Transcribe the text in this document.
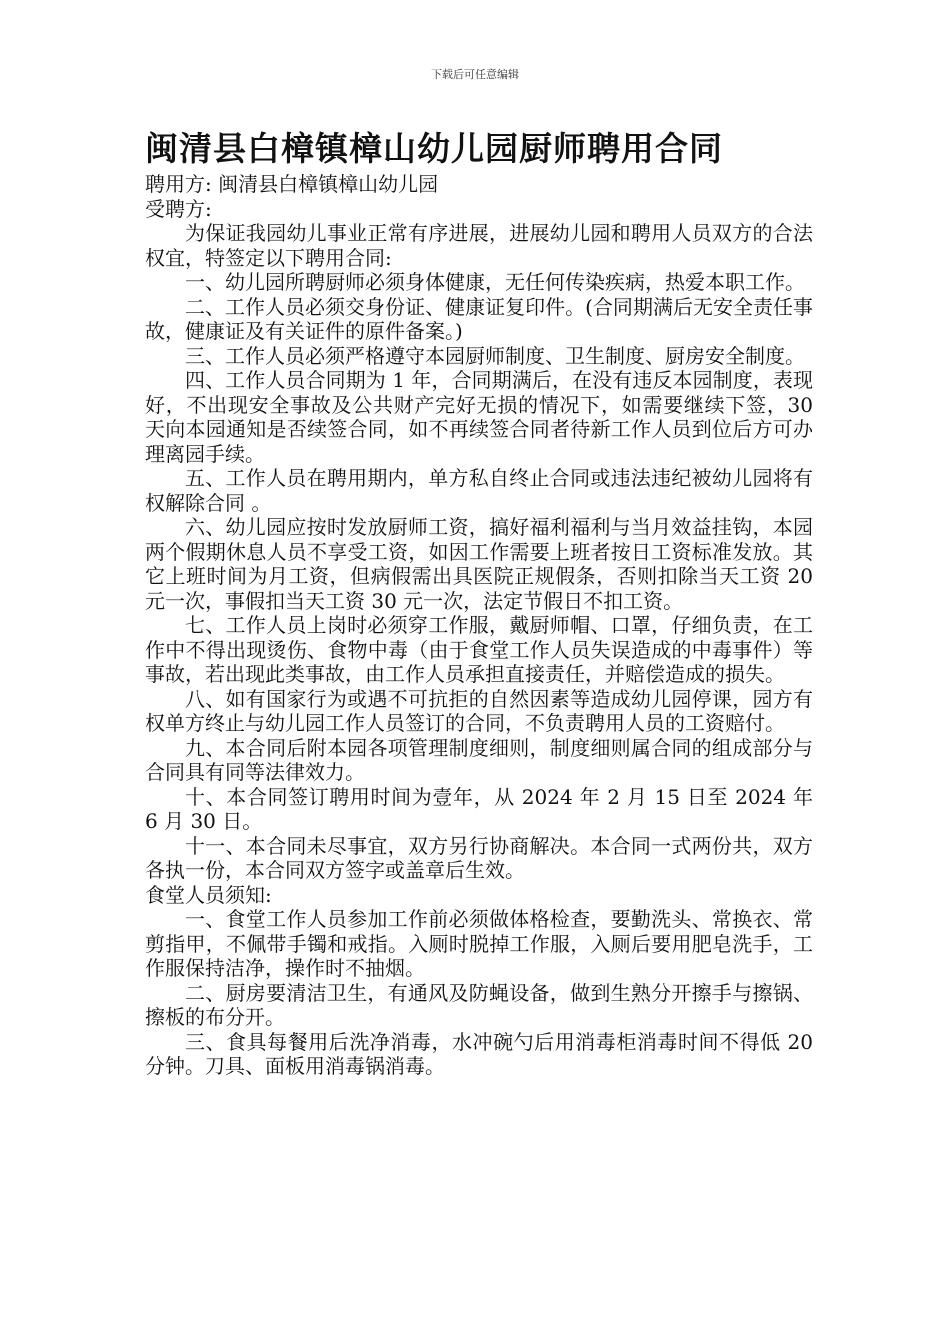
下载后可任意编辑
闽清县白樟镇樟山幼儿园厨师聘用合同

聘用方: 闽清县白樟镇樟山幼儿园

受聘方:

为保证我园幼儿事业正常有序进展，进展幼儿园和聘用人员双方的合法权宜，特签定以下聘用合同:

一、幼儿园所聘厨师必须身体健康，无任何传染疾病，热爱本职工作。

二、工作人员必须交身份证、健康证复印件。(合同期满后无安全责任事故，健康证及有关证件的原件备案。)

三、工作人员必须严格遵守本园厨师制度、卫生制度、厨房安全制度。

四、工作人员合同期为 1 年，合同期满后，在没有违反本园制度，表现好，不出现安全事故及公共财产完好无损的情况下，如需要继续下签，30 天向本园通知是否续签合同，如不再续签合同者待新工作人员到位后方可办理离园手续。

五、工作人员在聘用期内，单方私自终止合同或违法违纪被幼儿园将有权解除合同 。

六、幼儿园应按时发放厨师工资，搞好福利福利与当月效益挂钩，本园两个假期休息人员不享受工资，如因工作需要上班者按日工资标准发放。其它上班时间为月工资，但病假需出具医院正规假条，否则扣除当天工资 20 元一次，事假扣当天工资 30 元一次，法定节假日不扣工资。

七、工作人员上岗时必须穿工作服，戴厨师帽、口罩，仔细负责，在工作中不得出现烫伤、食物中毒（由于食堂工作人员失误造成的中毒事件）等事故，若出现此类事故，由工作人员承担直接责任，并赔偿造成的损失。

八、如有国家行为或遇不可抗拒的自然因素等造成幼儿园停课，园方有权单方终止与幼儿园工作人员签订的合同，不负责聘用人员的工资赔付。

九、本合同后附本园各项管理制度细则，制度细则属合同的组成部分与合同具有同等法律效力。

十、本合同签订聘用时间为壹年，从 2024 年 2 月 15 日至 2024 年 6 月 30 日。

十一、本合同未尽事宜，双方另行协商解决。本合同一式两份共，双方各执一份，本合同双方签字或盖章后生效。

食堂人员须知:

一、食堂工作人员参加工作前必须做体格检查，要勤洗头、常换衣、常剪指甲，不佩带手镯和戒指。入厕时脱掉工作服，入厕后要用肥皂洗手，工作服保持洁净，操作时不抽烟。

二、厨房要清洁卫生，有通风及防蝇设备，做到生熟分开擦手与擦锅、擦板的布分开。

三、食具每餐用后洗净消毒，水冲碗勺后用消毒柜消毒时间不得低 20 分钟。刀具、面板用消毒锅消毒。
